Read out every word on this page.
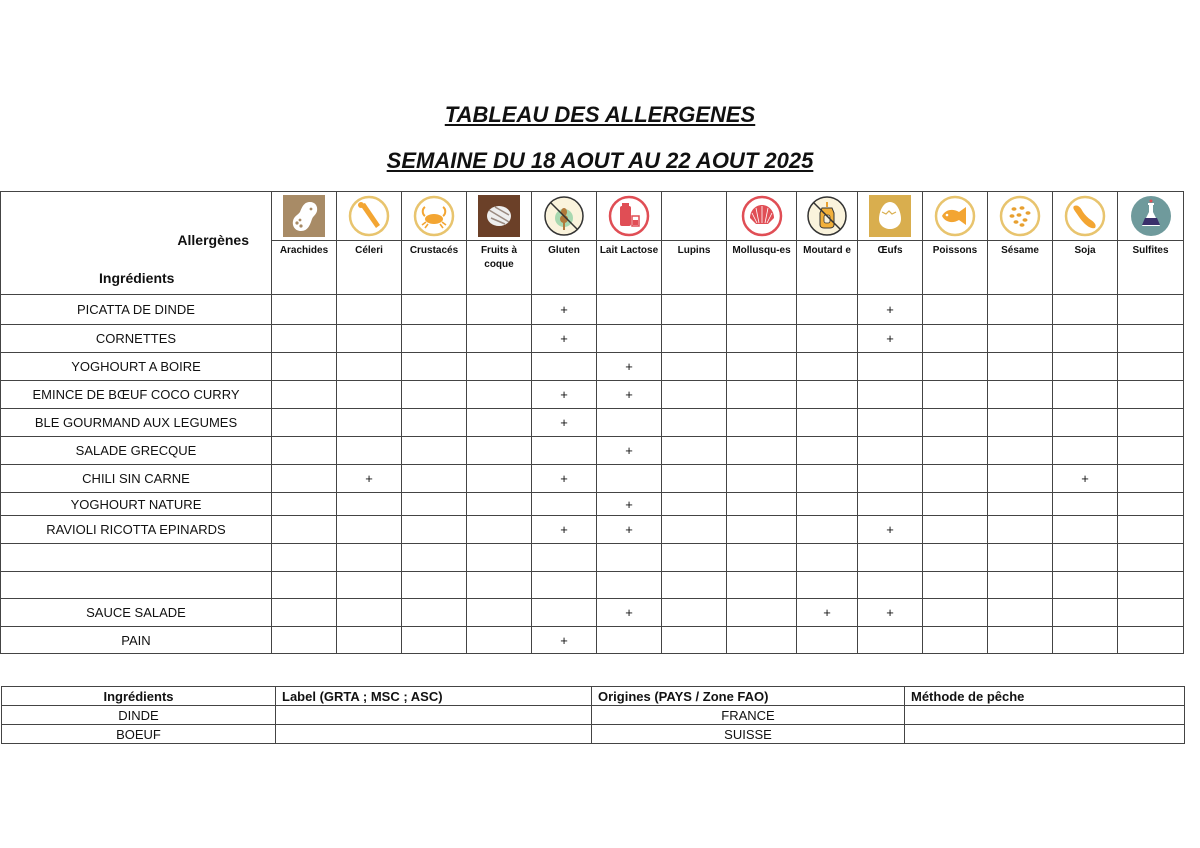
TABLEAU DES ALLERGENES
SEMAINE DU 18 AOUT AU 22 AOUT 2025
Allergènes
Ingrédients

	Arachides	Céleri	Crustacés	Fruits à coque	Gluten	Lait Lactose	Lupins	Mollusqu-es	Moutard e	Œufs	Poissons	Sésame	Soja	Sulfites
PICATTA DE DINDE					+					+				
CORNETTES					+					+				
YOGHOURT A BOIRE						+								
EMINCE DE BŒUF COCO CURRY					+	+								
BLE GOURMAND AUX LEGUMES					+									
SALADE GRECQUE						+								
CHILI SIN CARNE		+			+								+	
YOGHOURT NATURE						+								
RAVIOLI RICOTTA EPINARDS					+	+				+				

SAUCE SALADE						+			+	+				
PAIN					+									
Ingrédients	Label (GRTA ; MSC ; ASC)	Origines (PAYS / Zone FAO)	Méthode de pêche
DINDE		FRANCE	
BOEUF		SUISSE	
